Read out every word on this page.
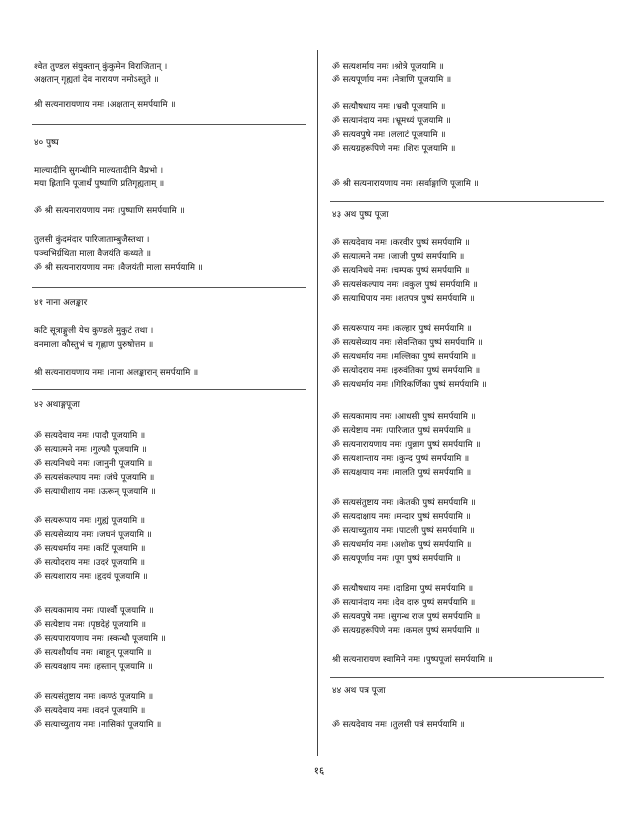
श्वेत तुण्डल संयुक्तान् कुंकुमेन विराजितान् ।
अक्षतान् गृह्यतां देव नारायण नमोऽस्तुते ॥
श्री सत्यनारायणाय नमः ।अक्षतान् समर्पयामि ॥
४० पुष्प
माल्यादीनि सुगन्धीनि माल्यतादीनि वैप्रभो ।
मया ह्रितानि पूजार्थं पुष्पाणि प्रतिगृह्यताम् ॥
ॐ श्री सत्यनारायणाय नमः ।पुष्पाणि समर्पयामि ॥
तुलसी कुंदमंदार पारिजाताम्बुजैस्तथा ।
पञ्चभिर्ग्रथिता माला वैजयंति कथ्यते ॥
ॐ श्री सत्यनारायणाय नमः ।वैजयंती माला समर्पयामि ॥
४१ नाना अलङ्कार
कटि सूत्राङ्गुली येच कुण्डले मुकुटं तथा ।
वनमाला कौस्तुभं च गृह्णाण पुरुषोत्तम ॥
श्री सत्यनारायणाय नमः ।नाना अलङ्कारान् समर्पयामि ॥
४२ अथाङ्गपूजा
ॐ सत्यदेवाय नमः ।पादौ पूजयामि ॥
ॐ सत्यात्मने नमः ।गुल्फौ पूजयामि ॥
ॐ सत्यनिधये नमः ।जानुनी पूजयामि ॥
ॐ सत्यसंकल्पाय नमः ।जंघे पूजयामि ॥
ॐ सत्याधीशाय नमः ।ऊरून् पूजयामि ॥
ॐ सत्यरूपाय नमः ।गुह्यं पूजयामि ॥
ॐ सत्यसेव्याय नमः ।जघनं पूजयामि ॥
ॐ सत्यधर्माय नमः ।कटिं पूजयामि ॥
ॐ सत्योदराय नमः ।उदरं पूजयामि ॥
ॐ सत्यशाराय नमः ।हृदयं पूजयामि ॥
ॐ सत्यकामाय नमः ।पार्श्वौ पूजयामि ॥
ॐ सत्येष्टाय नमः ।पृष्ठदेहं पूजयामि ॥
ॐ सत्यपारायणाय नमः ।स्कन्धौ पूजयामि ॥
ॐ सत्यशौर्याय नमः ।बाहून् पूजयामि ॥
ॐ सत्यवक्षाय नमः ।हस्तान् पूजयामि ॥
ॐ सत्यसंतुष्टाय नमः ।कण्ठं पूजयामि ॥
ॐ सत्यदेवाय नमः ।वदनं पूजयामि ॥
ॐ सत्याच्युताय नमः ।नासिकां पूजयामि ॥
ॐ सत्यशर्माय नमः ।श्रोत्रे पूजयामि ॥
ॐ सत्यपूर्णाय नमः ।नेत्राणि पूजयामि ॥
ॐ सत्यौषधाय नमः ।भ्रवौ पूजयामि ॥
ॐ सत्यानंदाय नमः ।भ्रूमध्यं पूजयामि ॥
ॐ सत्यवपुषे नमः ।ललाटं पूजयामि ॥
ॐ सत्यग्रहरूपिणे नमः ।शिरः पूजयामि ॥
ॐ श्री सत्यनारायणाय नमः ।सर्वाङ्गाणि पूजामि ॥
४३ अथ पुष्प पूजा
ॐ सत्यदेवाय नमः ।करवीर पुष्पं समर्पयामि ॥
ॐ सत्यात्मने नमः ।जाजी पुष्पं समर्पयामि ॥
ॐ सत्यनिधये नमः ।चम्पक पुष्पं समर्पयामि ॥
ॐ सत्यसंकल्पाय नमः ।वकुल पुष्पं समर्पयामि ॥
ॐ सत्याधिपाय नमः ।शतपत्र पुष्पं समर्पयामि ॥
ॐ सत्यरूपाय नमः ।कल्हार पुष्पं समर्पयामि ॥
ॐ सत्यसेव्याय नमः ।सेवन्तिका पुष्पं समर्पयामि ॥
ॐ सत्यधर्माय नमः ।मल्लिका पुष्पं समर्पयामि ॥
ॐ सत्योदराय नमः ।इरुवंतिका पुष्पं समर्पयामि ॥
ॐ सत्यधर्माय नमः ।गिरिकर्णिका पुष्पं समर्पयामि ॥
ॐ सत्यकामाय नमः ।आधसी पुष्पं समर्पयामि ॥
ॐ सत्येष्टाय नमः ।पारिजात पुष्पं समर्पयामि ॥
ॐ सत्यनारायणाय नमः ।पुन्नाग पुष्पं समर्पयामि ॥
ॐ सत्यशान्ताय नमः ।कुन्द पुष्पं समर्पयामि ॥
ॐ सत्यक्षयाय नमः ।मालति पुष्पं समर्पयामि ॥
ॐ सत्यसंतुष्टाय नमः ।केतकी पुष्पं समर्पयामि ॥
ॐ सत्यदाक्षाय नमः ।मन्दार पुष्पं समर्पयामि ॥
ॐ सत्याच्युताय नमः ।पाटली पुष्पं समर्पयामि ॥
ॐ सत्यधर्माय नमः ।अशोक पुष्पं समर्पयामि ॥
ॐ सत्यपूर्णाय नमः ।पूग पुष्पं समर्पयामि ॥
ॐ सत्यौषधाय नमः ।दाडिमा पुष्पं समर्पयामि ॥
ॐ सत्यानंदाय नमः ।देव दारु पुष्पं समर्पयामि ॥
ॐ सत्यवपुषे नमः ।सुगन्ध राज पुष्पं समर्पयामि ॥
ॐ सत्यग्रहरूपिणे नमः ।कमल पुष्पं समर्पयामि ॥
श्री सत्यनारायण स्वामिने नमः ।पुष्पपूजां समर्पयामि ॥
४४ अथ पत्र पूजा
ॐ सत्यदेवाय नमः ।तुलसी पत्रं समर्पयामि ॥
१६
